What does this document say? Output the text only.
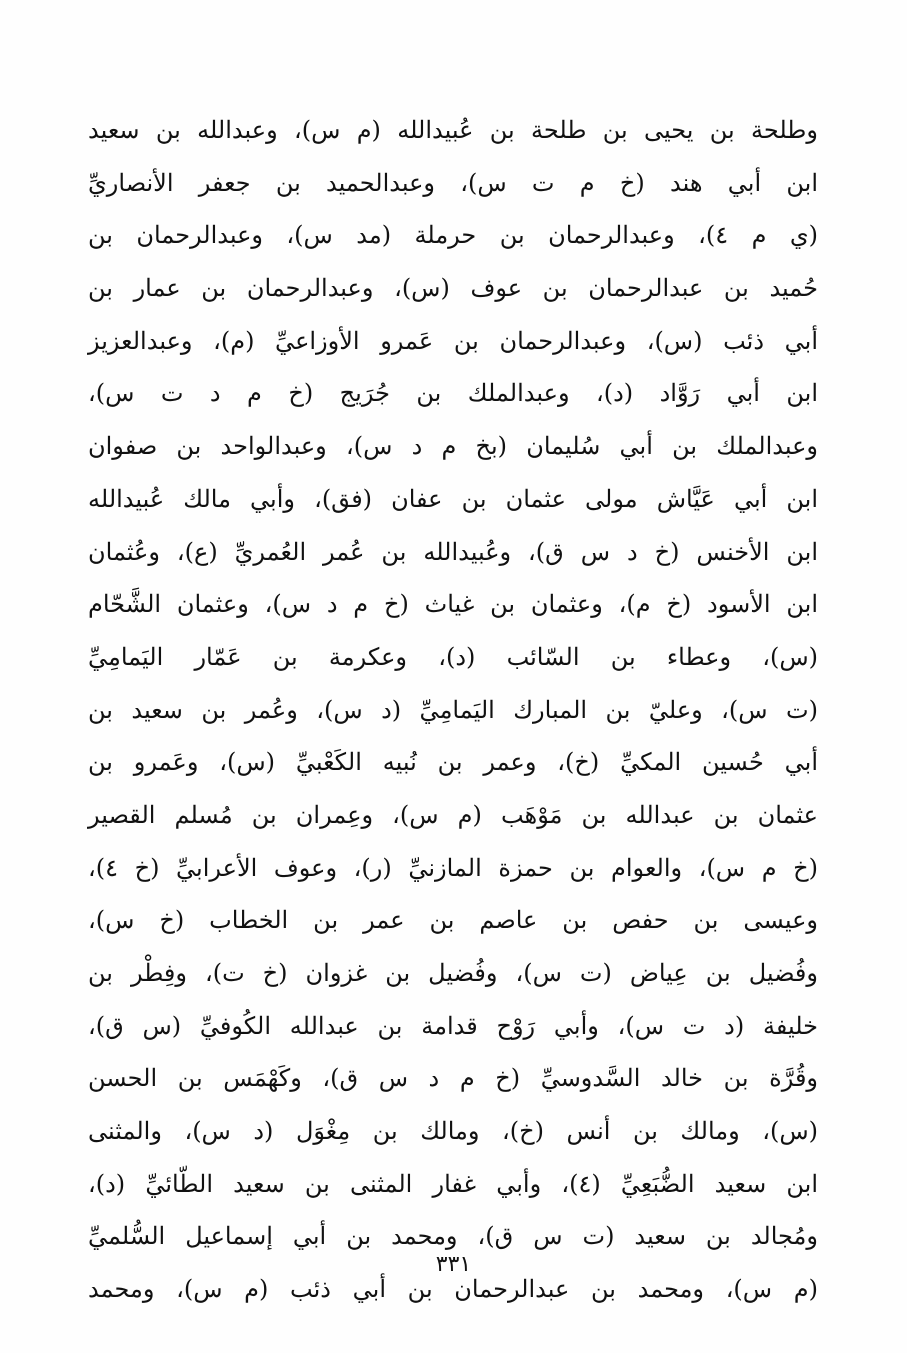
وطلحة بن يحيى بن طلحة بن عُبيدالله (م س)، وعبدالله بن سعيد
ابن أبي هند (خ م ت س)، وعبدالحميد بن جعفر الأنصاريِّ
(ي م ٤)، وعبدالرحمان بن حرملة (مد س)، وعبدالرحمان بن
حُميد بن عبدالرحمان بن عوف (س)، وعبدالرحمان بن عمار بن
أبي ذئب (س)، وعبدالرحمان بن عَمرو الأوزاعيِّ (م)، وعبدالعزيز
ابن أبي رَوَّاد (د)، وعبدالملك بن جُرَيج (خ م د ت س)،
وعبدالملك بن أبي سُليمان (بخ م د س)، وعبدالواحد بن صفوان
ابن أبي عَيَّاش مولى عثمان بن عفان (فق)، وأبي مالك عُبيدالله
ابن الأخنس (خ د س ق)، وعُبيدالله بن عُمر العُمريِّ (ع)، وعُثمان
ابن الأسود (خ م)، وعثمان بن غياث (خ م د س)، وعثمان الشَّحّام
(س)، وعطاء بن السّائب (د)، وعكرمة بن عَمّار اليَمامِيِّ
(ت س)، وعليّ بن المبارك اليَمامِيِّ (د س)، وعُمر بن سعيد بن
أبي حُسين المكيِّ (خ)، وعمر بن نُبيه الكَعْبيِّ (س)، وعَمرو بن
عثمان بن عبدالله بن مَوْهَب (م س)، وعِمران بن مُسلم القصير
(خ م س)، والعوام بن حمزة المازنيِّ (ر)، وعوف الأعرابيِّ (خ ٤)،
وعيسى بن حفص بن عاصم بن عمر بن الخطاب (خ س)،
وفُضيل بن عِياض (ت س)، وفُضيل بن غزوان (خ ت)، وفِطْر بن
خليفة (د ت س)، وأبي رَوْح قدامة بن عبدالله الكُوفيِّ (س ق)،
وقُرَّة بن خالد السَّدوسيِّ (خ م د س ق)، وكَهْمَس بن الحسن
(س)، ومالك بن أنس (خ)، ومالك بن مِغْوَل (د س)، والمثنى
ابن سعيد الضُّبَعِيِّ (٤)، وأبي غفار المثنى بن سعيد الطّائيِّ (د)،
ومُجالد بن سعيد (ت س ق)، ومحمد بن أبي إسماعيل السُّلميِّ
(م س)، ومحمد بن عبدالرحمان بن أبي ذئب (م س)، ومحمد
٣٣١
